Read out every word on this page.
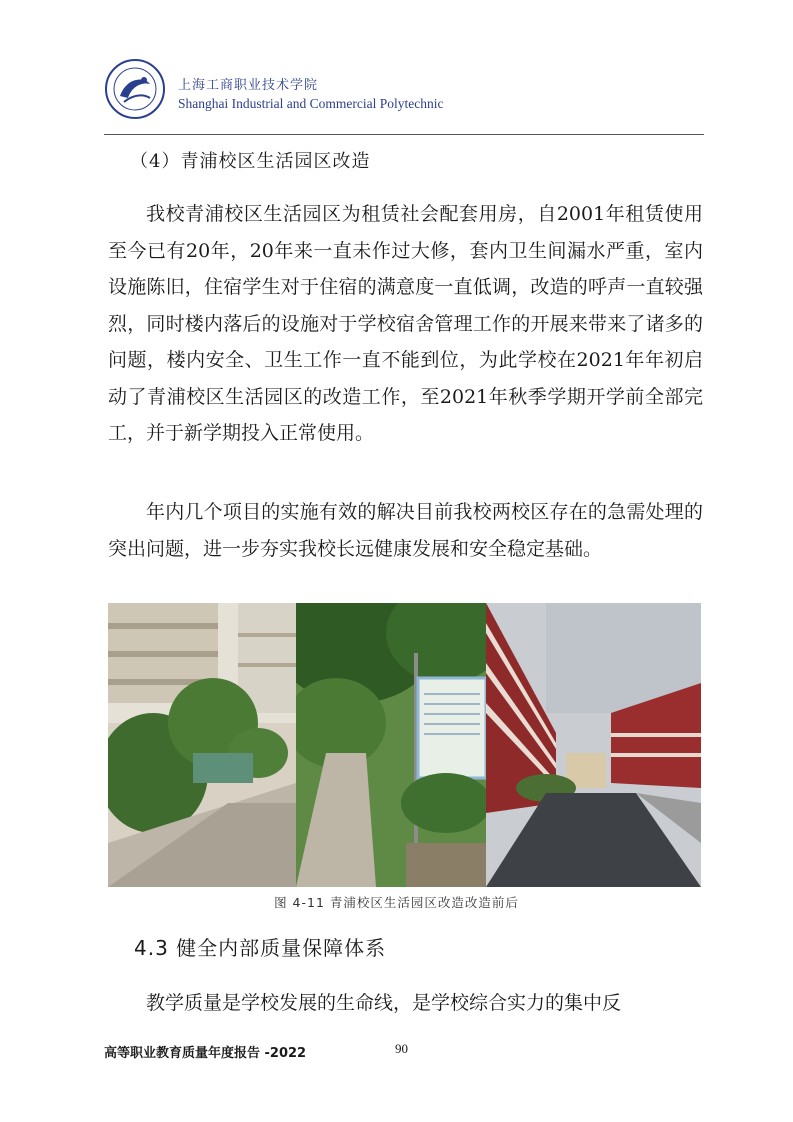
上海工商职业技术学院
Shanghai Industrial and Commercial Polytechnic
（4）青浦校区生活园区改造

我校青浦校区生活园区为租赁社会配套用房，自2001年租赁使用至今已有20年，20年来一直未作过大修，套内卫生间漏水严重，室内设施陈旧，住宿学生对于住宿的满意度一直低调，改造的呼声一直较强烈，同时楼内落后的设施对于学校宿舍管理工作的开展来带来了诸多的问题，楼内安全、卫生工作一直不能到位，为此学校在2021年年初启动了青浦校区生活园区的改造工作，至2021年秋季学期开学前全部完工，并于新学期投入正常使用。

年内几个项目的实施有效的解决目前我校两校区存在的急需处理的突出问题，进一步夯实我校长远健康发展和安全稳定基础。

图 4-11 青浦校区生活园区改造改造前后
4.3 健全内部质量保障体系

教学质量是学校发展的生命线，是学校综合实力的集中反

高等职业教育质量年度报告 -2022	90
